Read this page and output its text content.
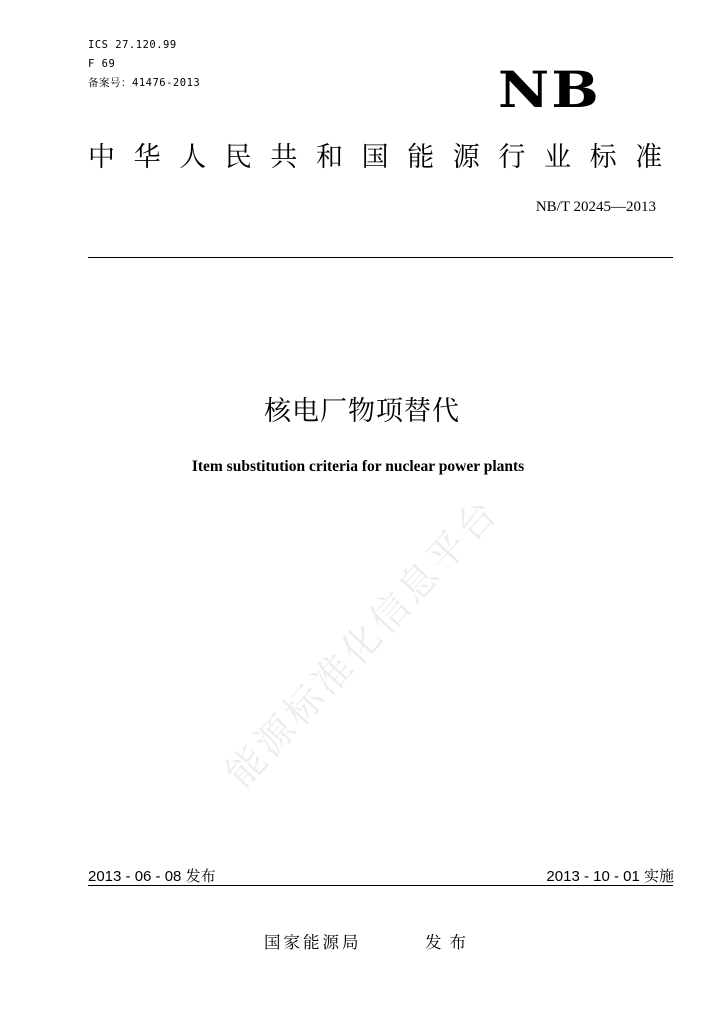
ICS 27.120.99
F 69
备案号：41476-2013	NB
中华人民共和国能源行业标准
NB/T 20245—2013
核电厂物项替代
Item substitution criteria for nuclear power plants
能源标准化信息平台
2013 - 06 - 08 发布	2013 - 10 - 01 实施
国家能源局	发布
